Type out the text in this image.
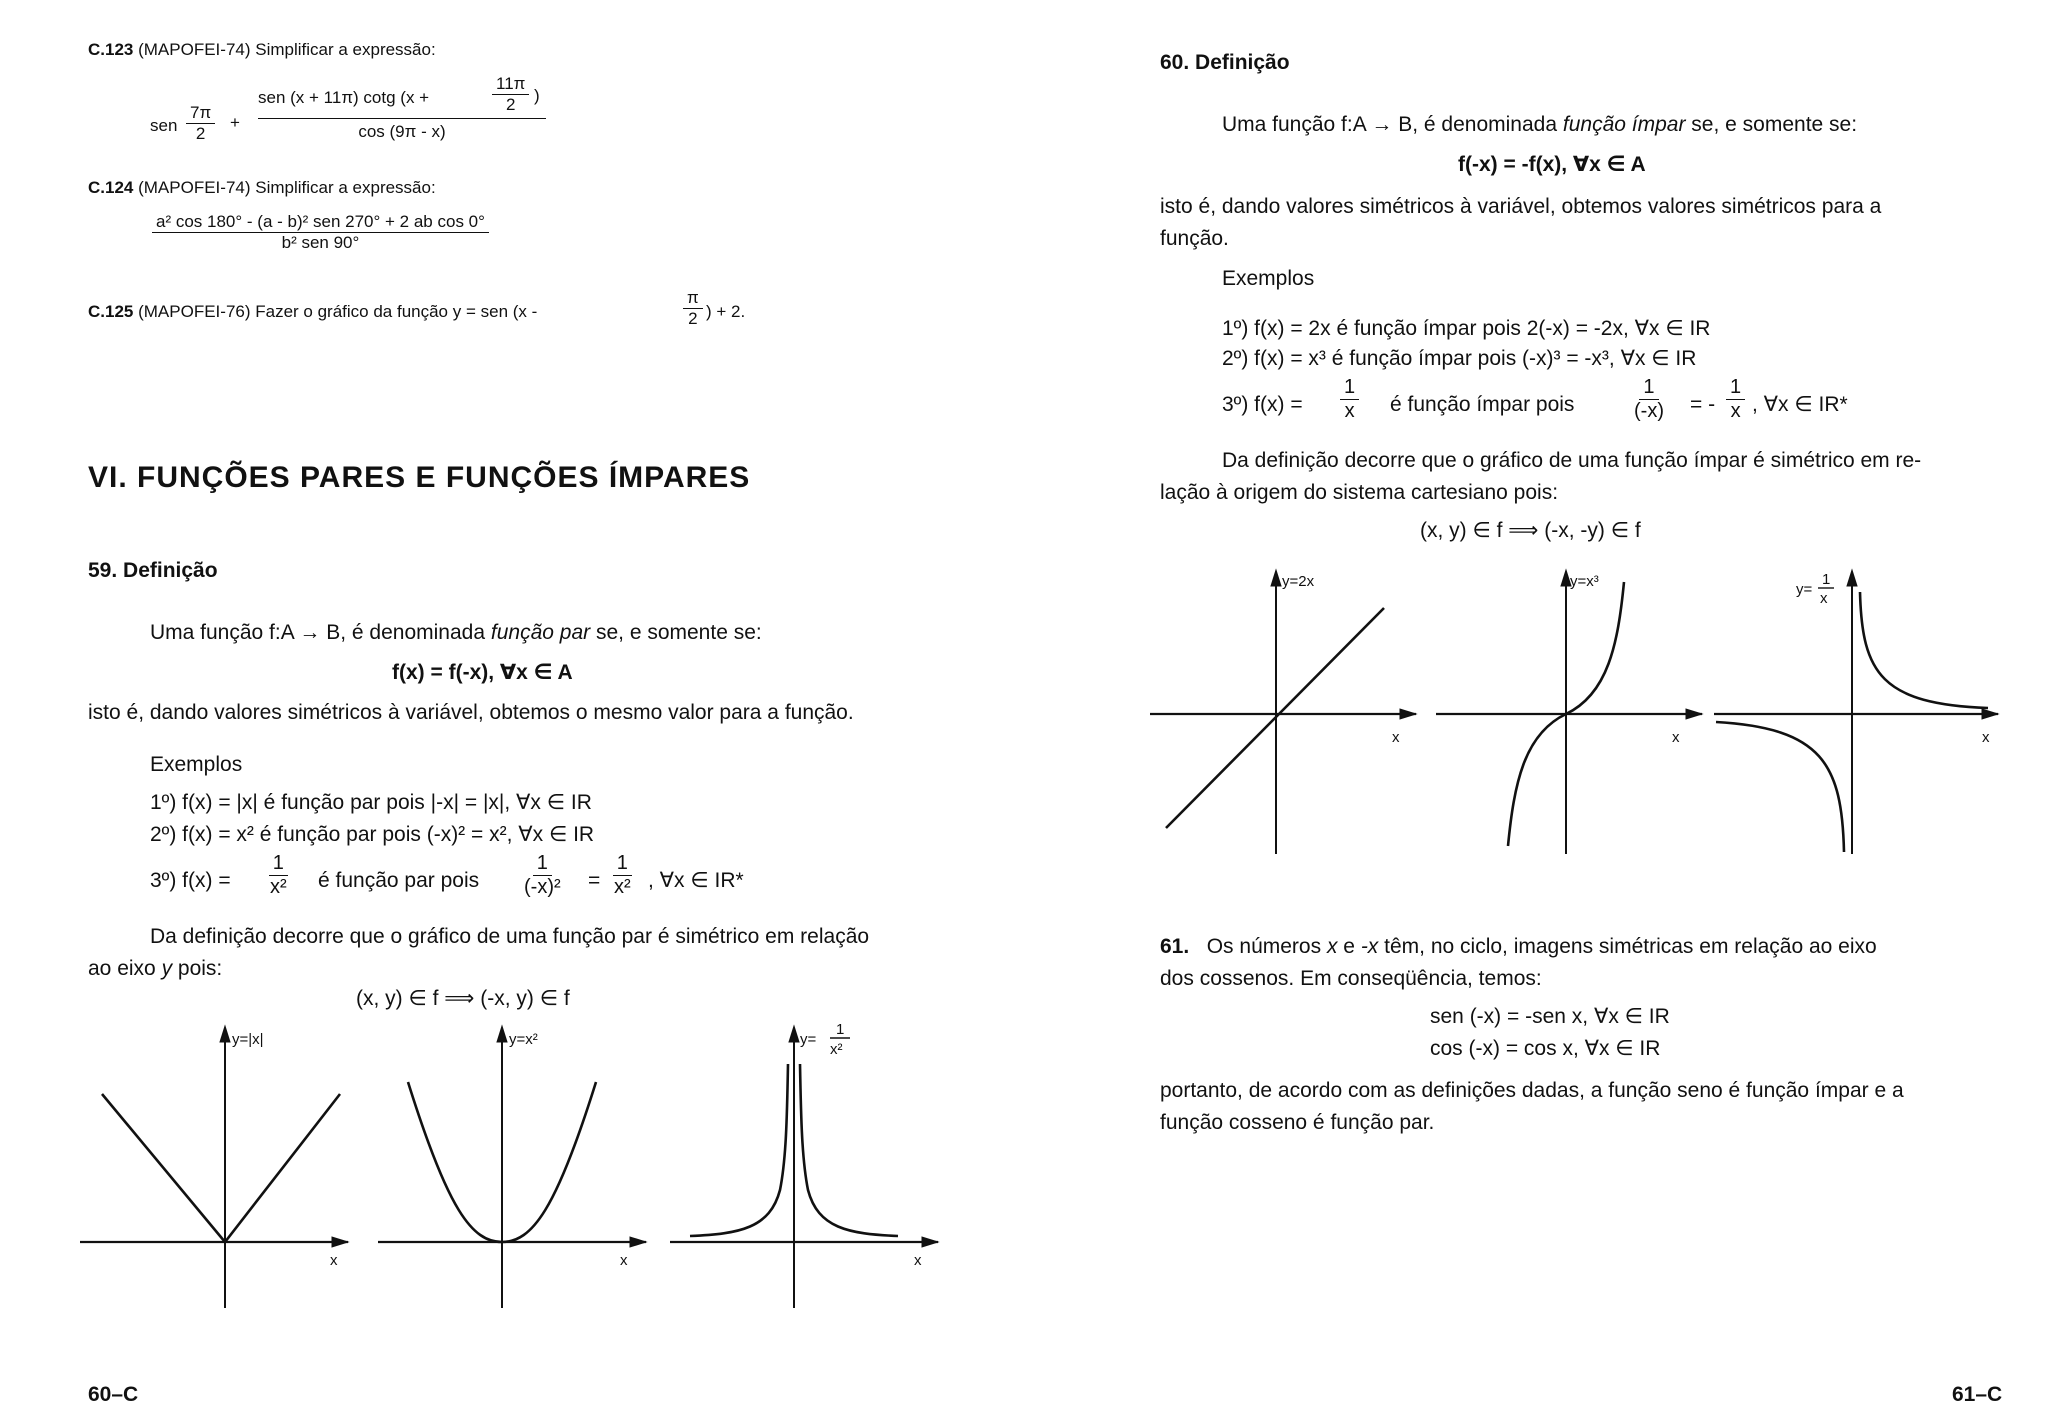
C.123 (MAPOFEI-74) Simplificar a expressão:
sen $\frac{7\pi}{2}$ +
sen (x + 11π) cotg (x +	$\frac{11\pi}{2}$ )
cos (9π - x)
C.124 (MAPOFEI-74) Simplificar a expressão:
a² cos 180° - (a - b)² sen 270° + 2 ab cos 0°
b² sen 90°
C.125 (MAPOFEI-76) Fazer o gráfico da função y = sen (x -	$\frac{\pi}{2}$ ) + 2.
VI. FUNÇÕES PARES E FUNÇÕES ÍMPARES
59. Definição
Uma função f:A → B, é denominada função par se, e somente se:
f(x) = f(-x), ∀x ∈ A
isto é, dando valores simétricos à variável, obtemos o mesmo valor para a função.
Exemplos
1º) f(x) = |x| é função par pois |-x| = |x|, ∀x ∈ IR
2º) f(x) = x² é função par pois (-x)² = x², ∀x ∈ IR
3º) $f(x) = \frac{1}{\text{x²}}$ é função par pois $\frac{1}{\text{(-x)²}} = \frac{1}{\text{x²}}$ , ∀x ∈ IR*
Da definição decorre que o gráfico de uma função par é simétrico em relação
ao eixo y pois:
(x, y) ∈ f ⟹ (-x, y) ∈ f
y=|x|
x
y=x²
x
y=
1
x²
x
60–C
60. Definição
Uma função f:A → B, é denominada função ímpar se, e somente se:
f(-x) = -f(x), ∀x ∈ A
isto é, dando valores simétricos à variável, obtemos valores simétricos para a
função.
Exemplos
1º) f(x) = 2x é função ímpar pois 2(-x) = -2x, ∀x ∈ IR
2º) f(x) = x³ é função ímpar pois (-x)³ = -x³, ∀x ∈ IR
3º) $f(x) = \frac{1}{x}$ é função ímpar pois	$\frac{1}{(-x)}$ = - $\frac{1}{x}$ , ∀x ∈ IR*
Da definição decorre que o gráfico de uma função ímpar é simétrico em re-
lação à origem do sistema cartesiano pois:
(x, y) ∈ f ⟹ (-x, -y) ∈ f
y=2x
x
y=x³
x
y=
1
x
x
61. Os números x e -x têm, no ciclo, imagens simétricas em relação ao eixo
dos cossenos. Em conseqüência, temos:
sen (-x) = -sen x, ∀x ∈ IR
cos (-x) = cos x, ∀x ∈ IR
portanto, de acordo com as definições dadas, a função seno é função ímpar e a
função cosseno é função par.
61–C
